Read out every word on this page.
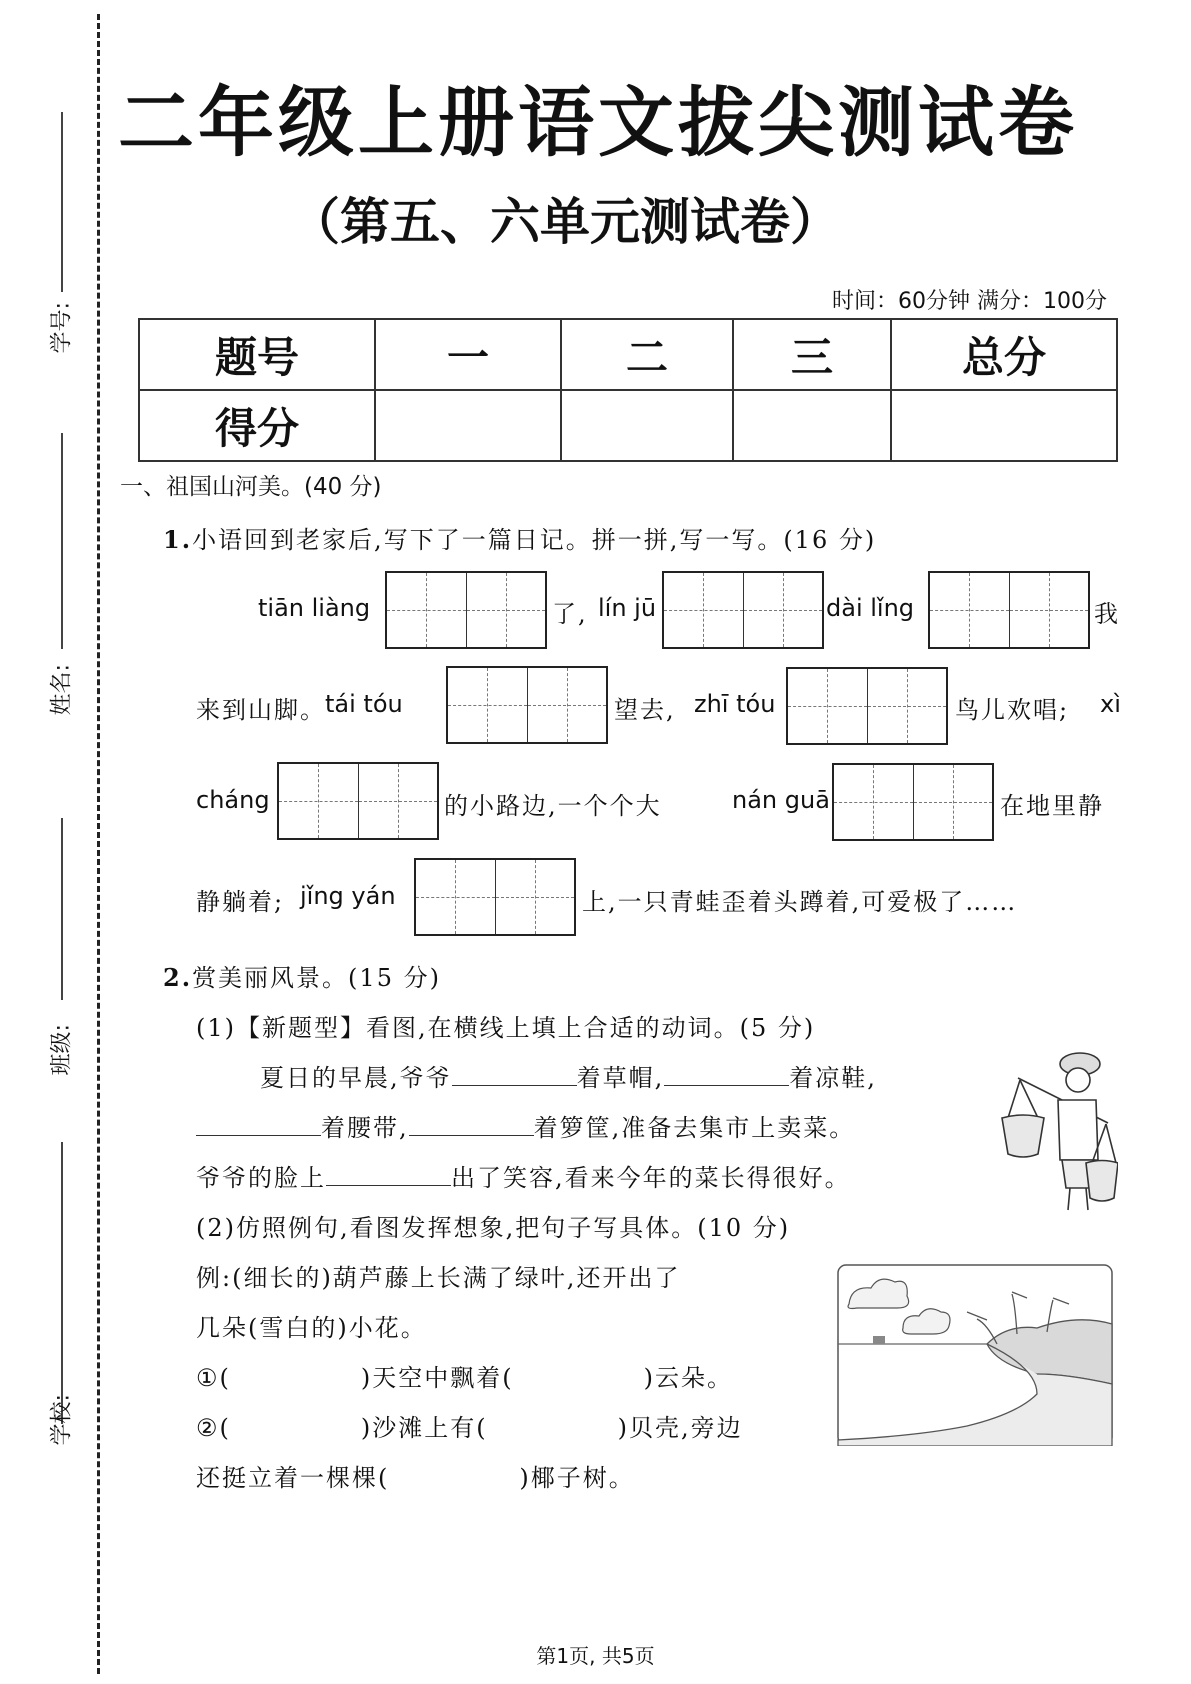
学号:
姓名:
班级:
学校:
二年级上册语文拔尖测试卷
（第五、六单元测试卷）
时间：60分钟 满分：100分
题号	一	二	三	总分
得分				
一、祖国山河美。(40 分)
1.小语回到老家后,写下了一篇日记。拼一拼,写一写。(16 分)
tiān liàng	了, lín jū	dài lǐng	我
来到山脚。 tái tóu	望去, zhī tóu	鸟儿欢唱; xì
cháng	的小路边,一个个大	nán guā	在地里静
静躺着; jǐng yán	上,一只青蛙歪着头蹲着,可爱极了……
2.赏美丽风景。(15 分)
(1)【新题型】看图,在横线上填上合适的动词。(5 分)
夏日的早晨,爷爷	着草帽,	着凉鞋,
着腰带,	着箩筐,准备去集市上卖菜。
爷爷的脸上	出了笑容,看来今年的菜长得很好。
(2)仿照例句,看图发挥想象,把句子写具体。(10 分)
例:(细长的)葫芦藤上长满了绿叶,还开出了
几朵(雪白的)小花。
①(	)天空中飘着(	)云朵。
②(	)沙滩上有(	)贝壳,旁边
还挺立着一棵棵(	)椰子树。
第1页, 共5页
